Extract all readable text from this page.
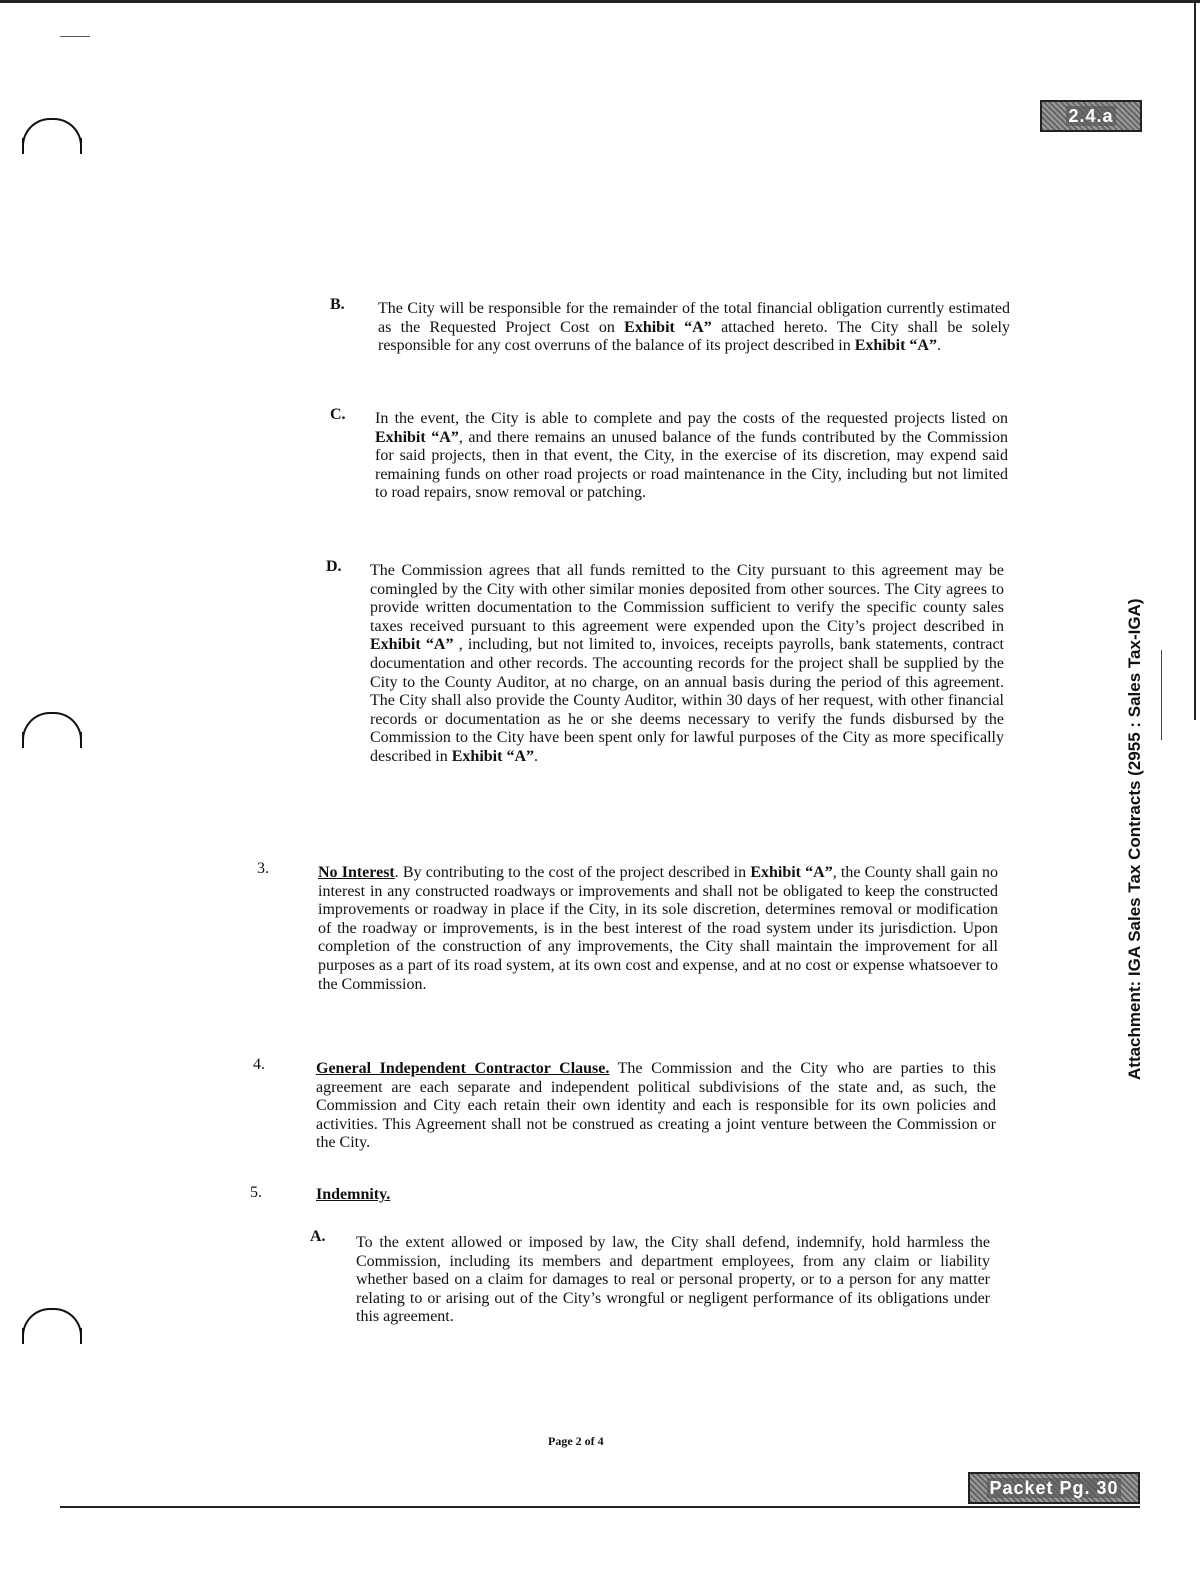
2.4.a
Attachment: IGA Sales Tax Contracts (2955 : Sales Tax-IGA)
B. The City will be responsible for the remainder of the total financial obligation currently estimated as the Requested Project Cost on Exhibit “A” attached hereto. The City shall be solely responsible for any cost overruns of the balance of its project described in Exhibit “A”.
C. In the event, the City is able to complete and pay the costs of the requested projects listed on Exhibit “A”, and there remains an unused balance of the funds contributed by the Commission for said projects, then in that event, the City, in the exercise of its discretion, may expend said remaining funds on other road projects or road maintenance in the City, including but not limited to road repairs, snow removal or patching.
D. The Commission agrees that all funds remitted to the City pursuant to this agreement may be comingled by the City with other similar monies deposited from other sources. The City agrees to provide written documentation to the Commission sufficient to verify the specific county sales taxes received pursuant to this agreement were expended upon the City’s project described in Exhibit “A” , including, but not limited to, invoices, receipts payrolls, bank statements, contract documentation and other records. The accounting records for the project shall be supplied by the City to the County Auditor, at no charge, on an annual basis during the period of this agreement. The City shall also provide the County Auditor, within 30 days of her request, with other financial records or documentation as he or she deems necessary to verify the funds disbursed by the Commission to the City have been spent only for lawful purposes of the City as more specifically described in Exhibit “A”.
3.	No Interest. By contributing to the cost of the project described in Exhibit “A”, the County shall gain no interest in any constructed roadways or improvements and shall not be obligated to keep the constructed improvements or roadway in place if the City, in its sole discretion, determines removal or modification of the roadway or improvements, is in the best interest of the road system under its jurisdiction. Upon completion of the construction of any improvements, the City shall maintain the improvement for all purposes as a part of its road system, at its own cost and expense, and at no cost or expense whatsoever to the Commission.
4.	General Independent Contractor Clause. The Commission and the City who are parties to this agreement are each separate and independent political subdivisions of the state and, as such, the Commission and City each retain their own identity and each is responsible for its own policies and activities. This Agreement shall not be construed as creating a joint venture between the Commission or the City.
5.	Indemnity.
A. To the extent allowed or imposed by law, the City shall defend, indemnify, hold harmless the Commission, including its members and department employees, from any claim or liability whether based on a claim for damages to real or personal property, or to a person for any matter relating to or arising out of the City’s wrongful or negligent performance of its obligations under this agreement.
Page 2 of 4
Packet Pg. 30
